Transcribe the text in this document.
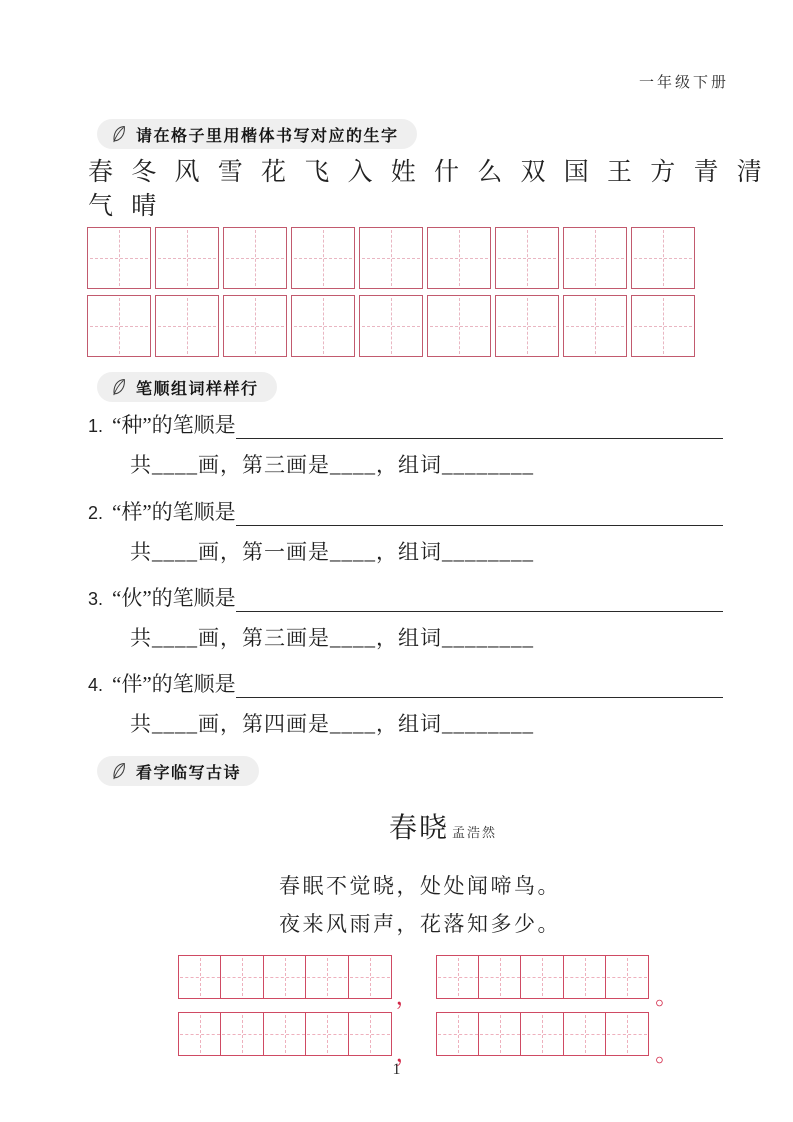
一年级下册
请在格子里用楷体书写对应的生字
春 冬 风 雪 花 飞 入 姓 什 么 双 国 王 方 青 清
气 晴
笔顺组词样样行
1. “种”的笔顺是
共____画，第三画是____，组词________
2. “样”的笔顺是
共____画，第一画是____，组词________
3. “伙”的笔顺是
共____画，第三画是____，组词________
4. “伴”的笔顺是
共____画，第四画是____，组词________
看字临写古诗
春晓 孟浩然
春眠不觉晓，处处闻啼鸟。
夜来风雨声，花落知多少。
，	。
，	。
1
